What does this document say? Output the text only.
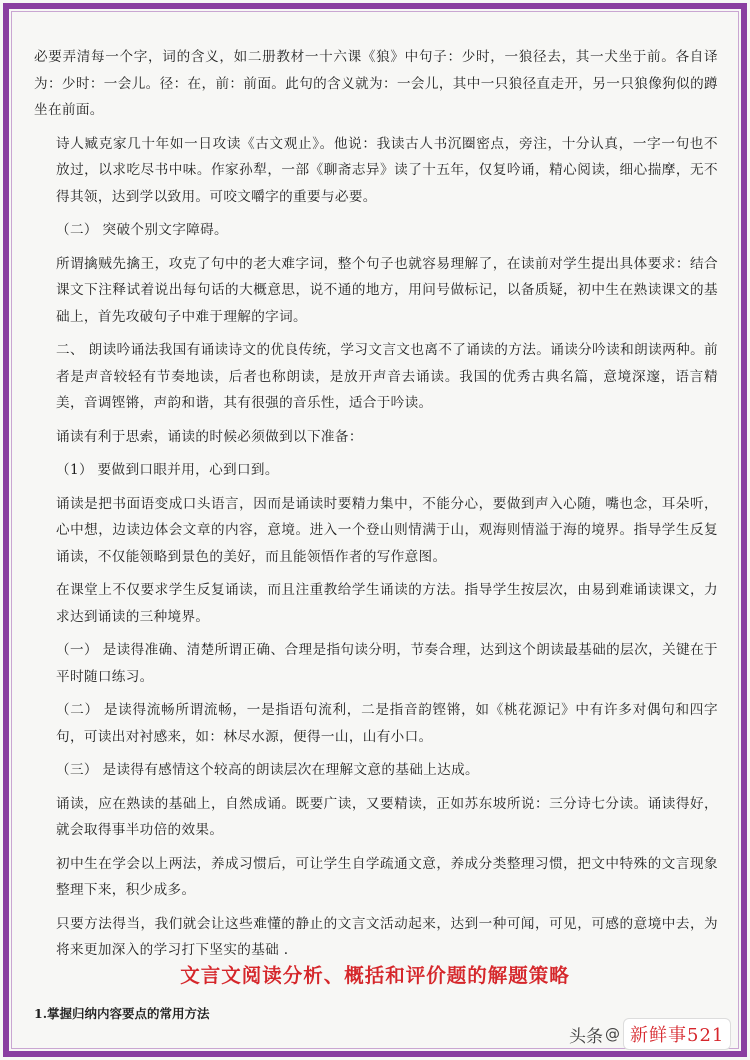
必要弄清每一个字，词的含义，如二册教材一十六课《狼》中句子：少时，一狼径去，其一犬坐于前。各自译为：少时：一会儿。径：在，前：前面。此句的含义就为：一会儿，其中一只狼径直走开，另一只狼像狗似的蹲坐在前面。

诗人臧克家几十年如一日攻读《古文观止》。他说：我读古人书沉圈密点，旁注，十分认真，一字一句也不放过，以求吃尽书中味。作家孙犁，一部《聊斋志异》读了十五年，仅复吟诵，精心阅读，细心揣摩，无不得其领，达到学以致用。可咬文嚼字的重要与必要。

（二） 突破个别文字障碍。

所谓擒贼先擒王，攻克了句中的老大难字词，整个句子也就容易理解了，在读前对学生提出具体要求：结合课文下注释试着说出每句话的大概意思，说不通的地方，用问号做标记，以备质疑，初中生在熟读课文的基础上，首先攻破句子中难于理解的字词。

二、 朗读吟诵法我国有诵读诗文的优良传统，学习文言文也离不了诵读的方法。诵读分吟读和朗读两种。前者是声音较轻有节奏地读，后者也称朗读，是放开声音去诵读。我国的优秀古典名篇，意境深邃，语言精美，音调铿锵，声韵和谐，其有很强的音乐性，适合于吟读。

诵读有利于思索，诵读的时候必须做到以下准备：

（1） 要做到口眼并用，心到口到。

诵读是把书面语变成口头语言，因而是诵读时要精力集中，不能分心，要做到声入心随，嘴也念，耳朵听，心中想，边读边体会文章的内容，意境。进入一个登山则情满于山，观海则情溢于海的境界。指导学生反复诵读，不仅能领略到景色的美好，而且能领悟作者的写作意图。

在课堂上不仅要求学生反复诵读，而且注重教给学生诵读的方法。指导学生按层次，由易到难诵读课文，力求达到诵读的三种境界。

（一） 是读得准确、清楚所谓正确、合理是指句读分明，节奏合理，达到这个朗读最基础的层次，关键在于平时随口练习。

（二） 是读得流畅所谓流畅，一是指语句流利，二是指音韵铿锵，如《桃花源记》中有许多对偶句和四字句，可读出对衬感来，如：林尽水源，便得一山，山有小口。

（三） 是读得有感情这个较高的朗读层次在理解文意的基础上达成。

诵读，应在熟读的基础上，自然成诵。既要广读，又要精读，正如苏东坡所说：三分诗七分读。诵读得好，就会取得事半功倍的效果。

初中生在学会以上两法，养成习惯后，可让学生自学疏通文意，养成分类整理习惯，把文中特殊的文言现象整理下来，积少成多。

只要方法得当，我们就会让这些难懂的静止的文言文活动起来，达到一种可闻，可见，可感的意境中去，为将来更加深入的学习打下坚实的基础 .

文言文阅读分析、概括和评价题的解题策略
1.掌握归纳内容要点的常用方法
头条 @ 新鲜事521
